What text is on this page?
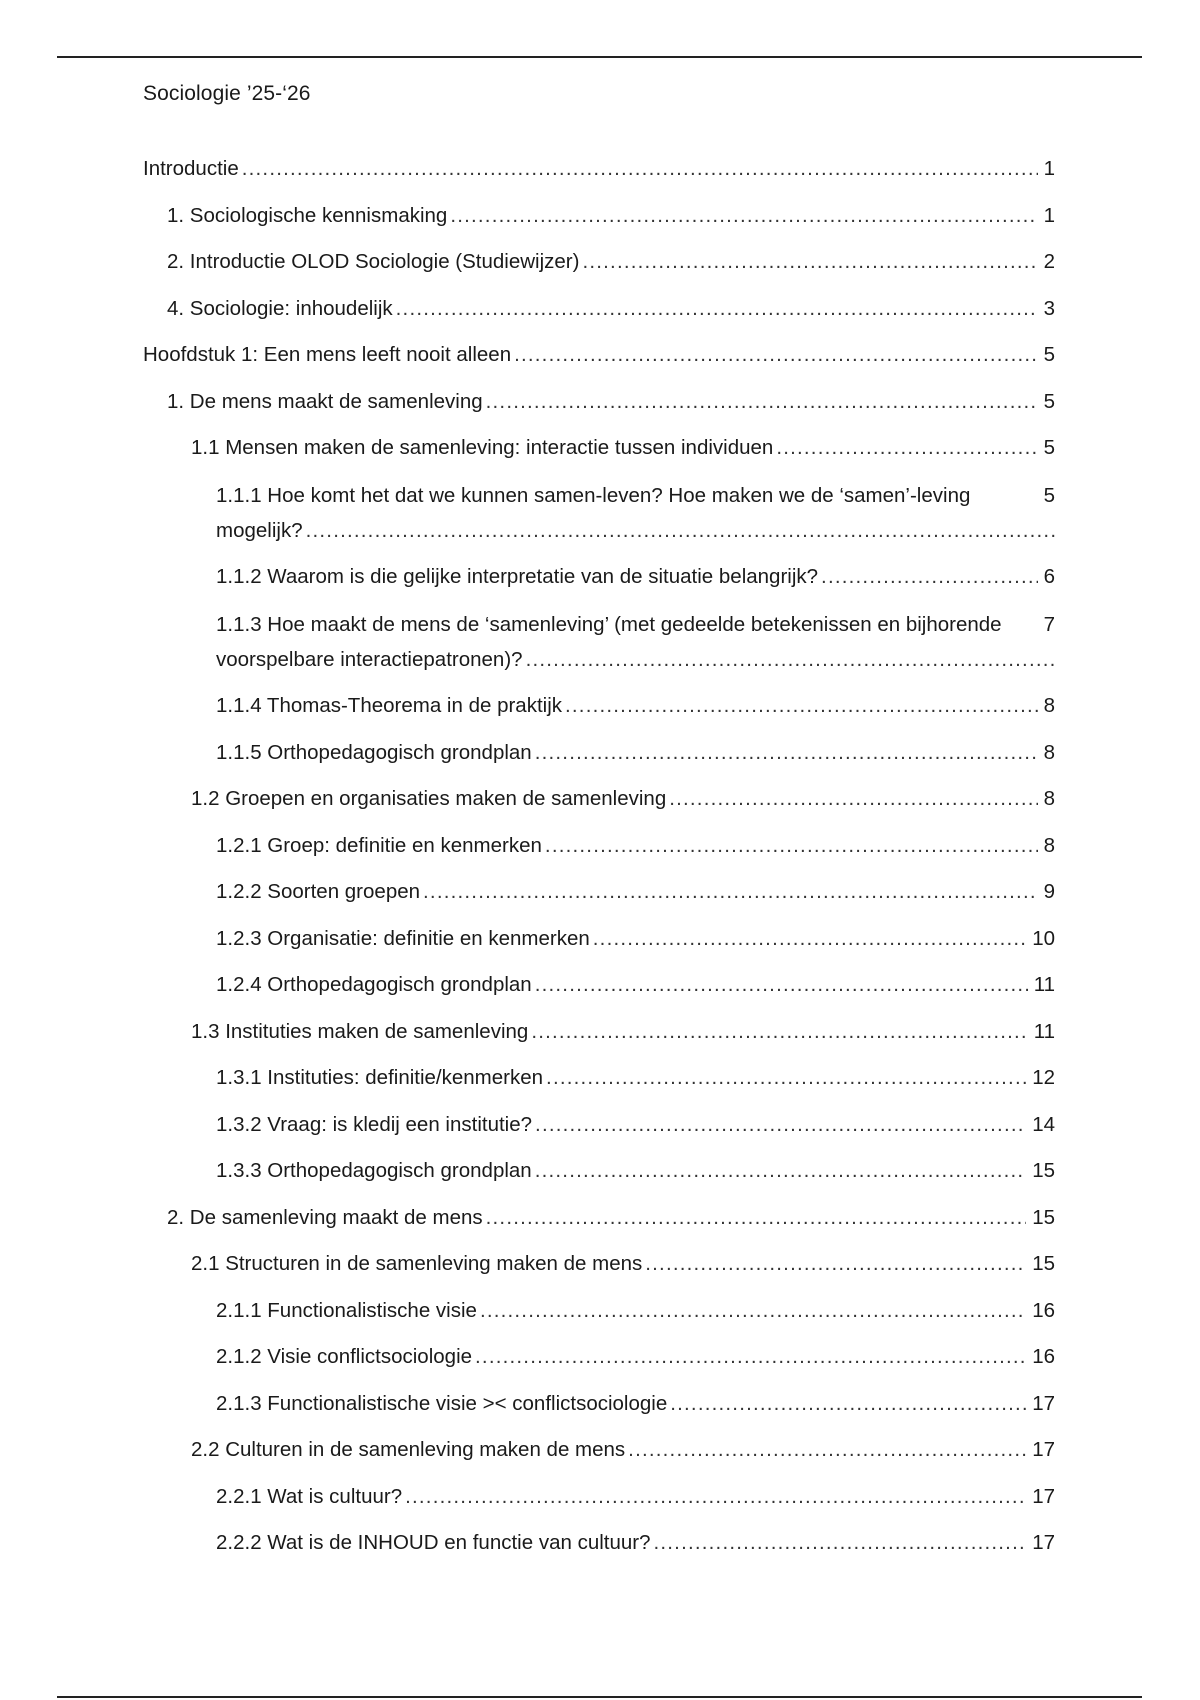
Sociologie ’25-‘26
1
Introductie .....
1
1. Sociologische kennismaking .....
2
2. Introductie OLOD Sociologie (Studiewijzer) .....
3
4. Sociologie: inhoudelijk .....
5
Hoofdstuk 1: Een mens leeft nooit alleen .....
5
1. De mens maakt de samenleving .....
5
1.1 Mensen maken de samenleving: interactie tussen individuen .....
5
1.1.1 Hoe komt het dat we kunnen samen-leven? Hoe maken we de ‘samen’-leving mogelijk? .....
6
1.1.2 Waarom is die gelijke interpretatie van de situatie belangrijk? .....
7
1.1.3 Hoe maakt de mens de ‘samenleving’ (met gedeelde betekenissen en bijhorende voorspelbare interactiepatronen)? .....
8
1.1.4 Thomas-Theorema in de praktijk .....
8
1.1.5 Orthopedagogisch grondplan .....
8
1.2 Groepen en organisaties maken de samenleving .....
8
1.2.1 Groep: definitie en kenmerken .....
9
1.2.2 Soorten groepen .....
10
1.2.3 Organisatie: definitie en kenmerken .....
11
1.2.4 Orthopedagogisch grondplan .....
11
1.3 Instituties maken de samenleving .....
12
1.3.1 Instituties: definitie/kenmerken .....
14
1.3.2 Vraag: is kledij een institutie? .....
15
1.3.3 Orthopedagogisch grondplan .....
15
2. De samenleving maakt de mens .....
15
2.1 Structuren in de samenleving maken de mens .....
16
2.1.1 Functionalistische visie .....
16
2.1.2 Visie conflictsociologie .....
17
2.1.3 Functionalistische visie >< conflictsociologie .....
17
2.2 Culturen in de samenleving maken de mens .....
17
2.2.1 Wat is cultuur? .....
17
2.2.2 Wat is de INHOUD en functie van cultuur? .....
